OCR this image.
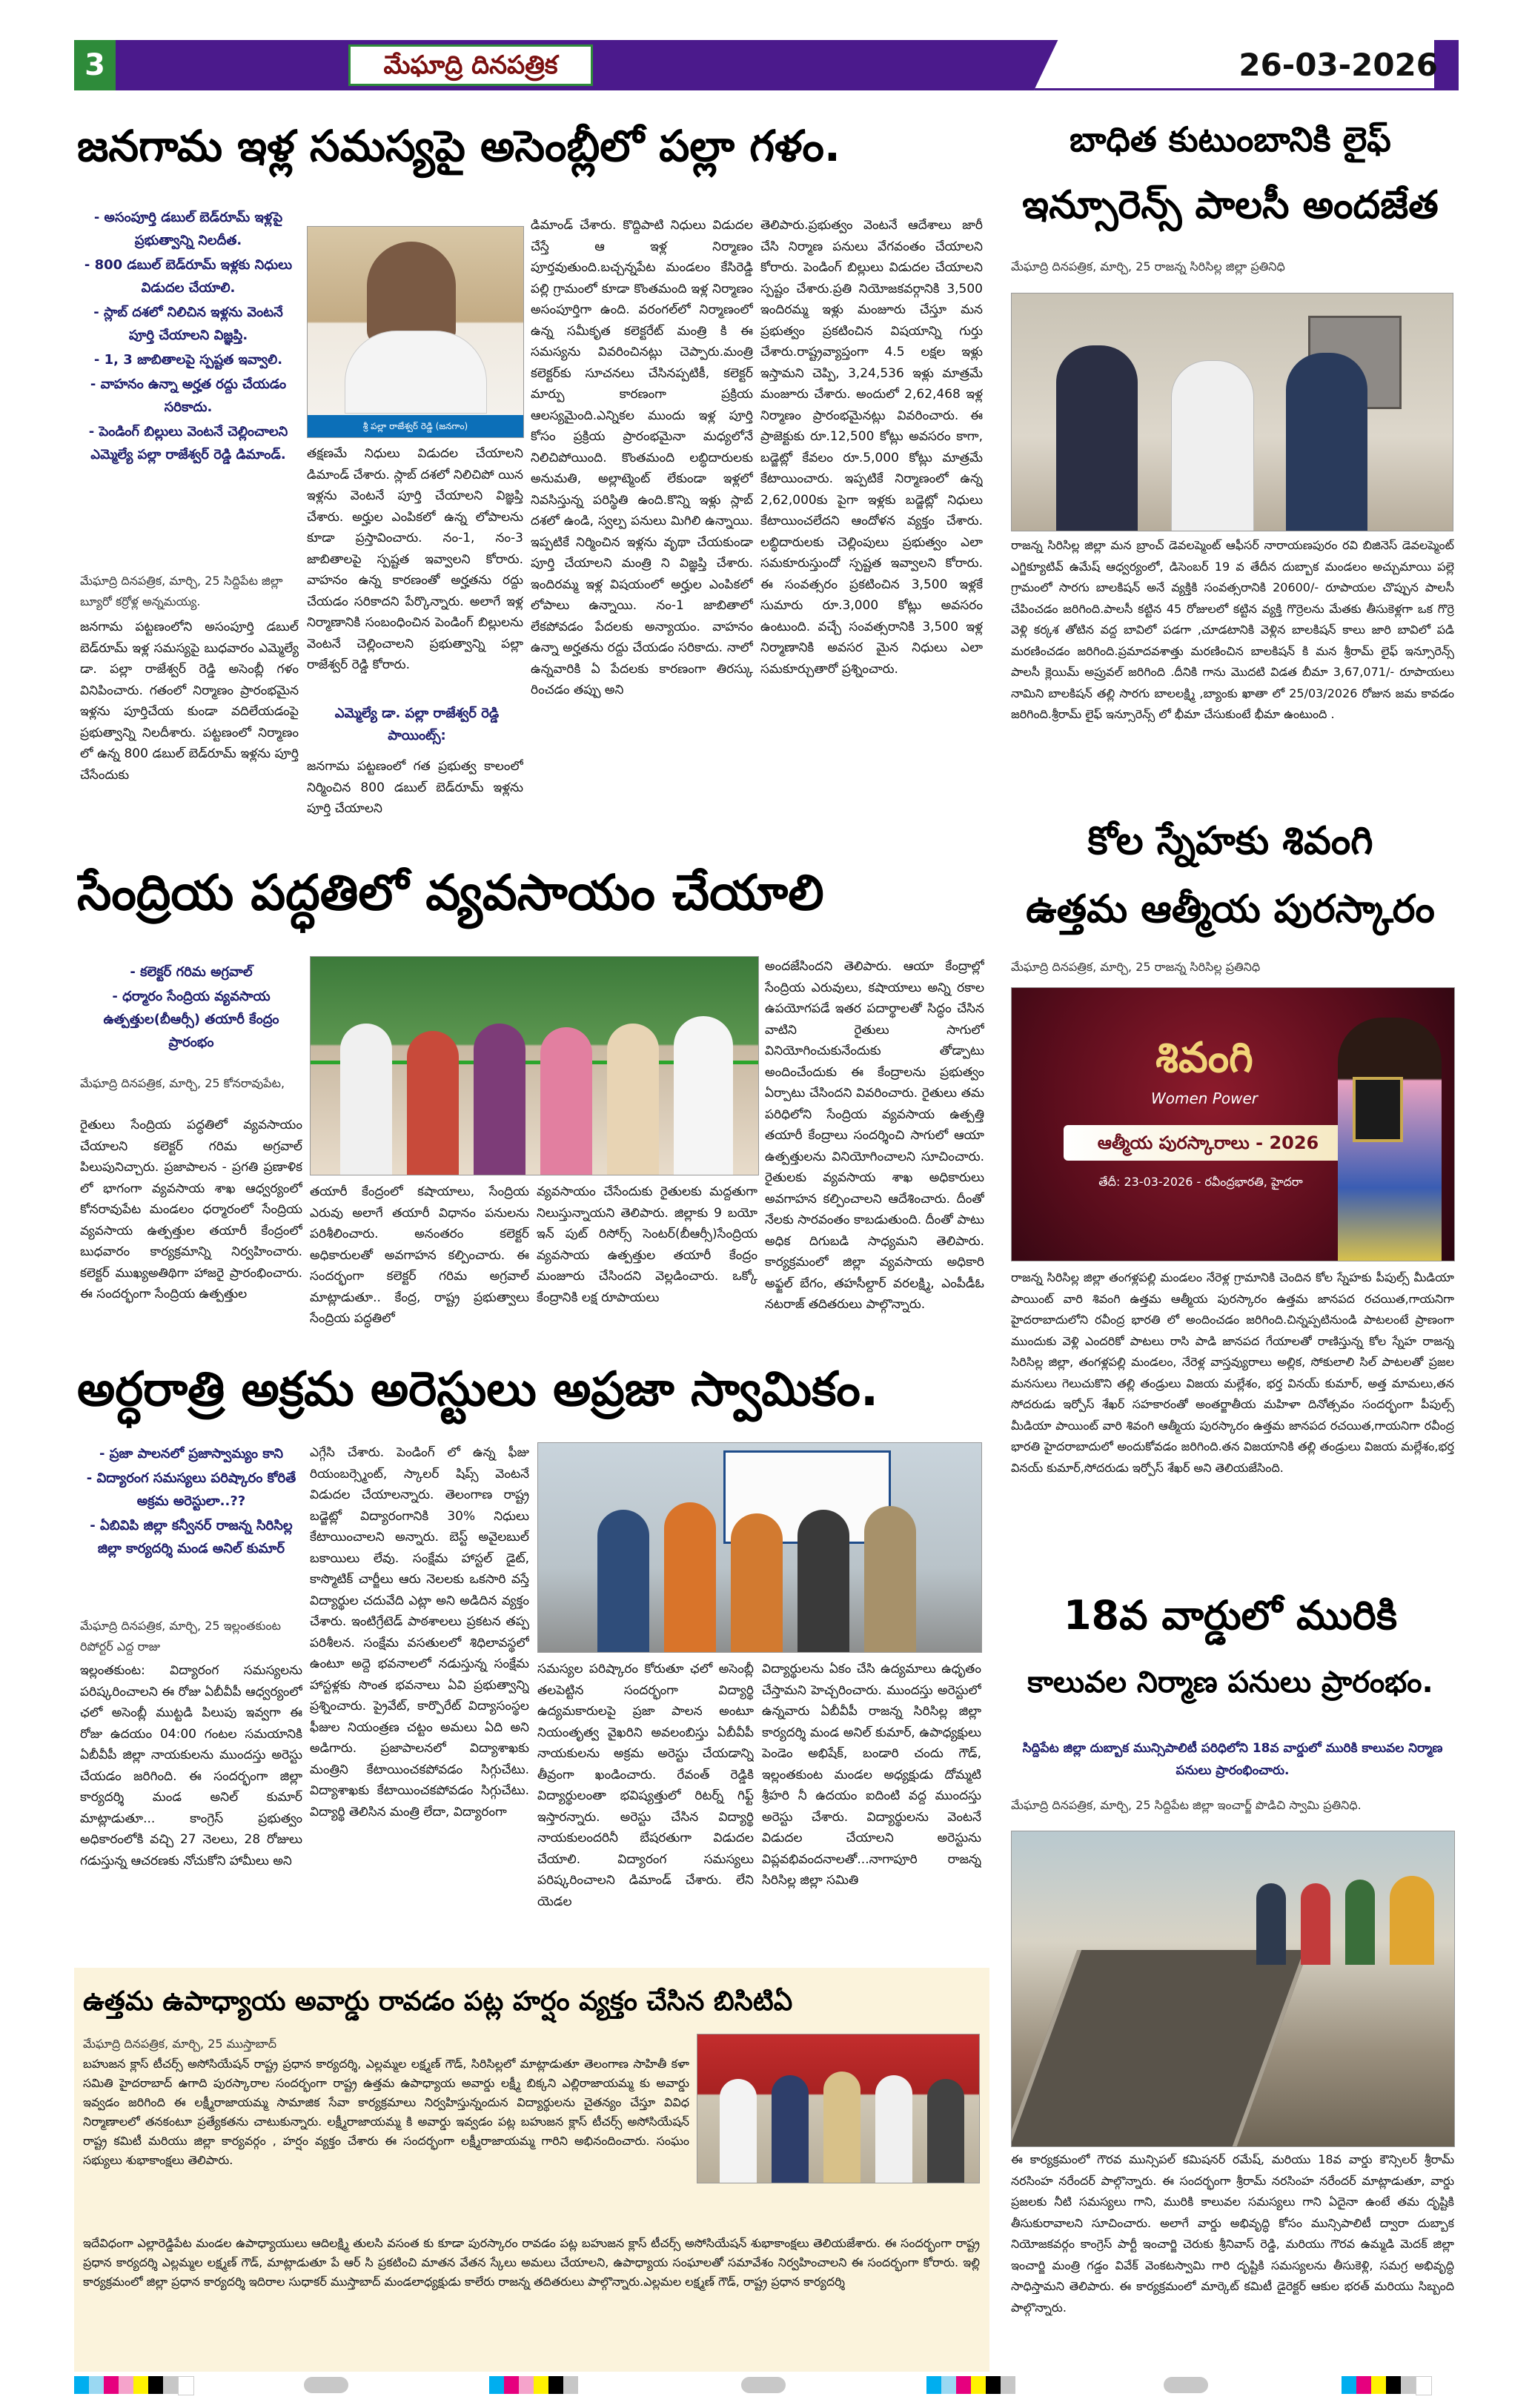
3	మేఘాద్రి దినపత్రిక	26-03-2026
జనగామ ఇళ్ల సమస్యపై అసెంబ్లీలో పల్లా గళం.
- అసంపూర్తి డబుల్ బెడ్‌రూమ్ ఇళ్లపై ప్రభుత్వాన్ని నిలదీత.
- 800 డబుల్ బెడ్‌రూమ్ ఇళ్లకు నిధులు విడుదల చేయాలి.
- స్లాబ్ దశలో నిలిచిన ఇళ్లను వెంటనే పూర్తి చేయాలని విజ్ఞప్తి.
- 1, 3 జాబితాలపై స్పష్టత ఇవ్వాలి.
- వాహనం ఉన్నా అర్హత రద్దు చేయడం సరికాదు.
- పెండింగ్ బిల్లులు వెంటనే చెల్లించాలని ఎమ్మెల్యే పల్లా రాజేశ్వర్ రెడ్డి డిమాండ్.
మేఘాద్రి దినపత్రిక, మార్చి, 25 సిద్దిపేట జిల్లా బ్యూరో కర్రోళ్ల అన్నమయ్య.
జనగామ పట్టణంలోని అసంపూర్తి డబుల్ బెడ్‌రూమ్ ఇళ్ల సమస్యపై బుధవారం ఎమ్మెల్యే డా. పల్లా రాజేశ్వర్ రెడ్డి అసెంబ్లీ గళం వినిపించారు. గతంలో నిర్మాణం ప్రారంభమైన ఇళ్లను పూర్తిచేయ కుండా వదిలేయడంపై ప్రభుత్వాన్ని నిలదీశారు. పట్టణంలో నిర్మాణం లో ఉన్న 800 డబుల్ బెడ్‌రూమ్ ఇళ్లను పూర్తి చేసేందుకు
శ్రీ పల్లా రాజేశ్వర్ రెడ్డి (జనగాం)
తక్షణమే నిధులు విడుదల చేయాలని డిమాండ్ చేశారు. స్లాబ్ దశలో నిలిచిపో యిన ఇళ్లను వెంటనే పూర్తి చేయాలని విజ్ఞప్తి చేశారు. అర్హుల ఎంపికలో ఉన్న లోపాలను కూడా ప్రస్తావించారు. నం-1, నం-3 జాబితాలపై స్పష్టత ఇవ్వాలని కోరారు. వాహనం ఉన్న కారణంతో అర్హతను రద్దు చేయడం సరికాదని పేర్కొన్నారు. అలాగే ఇళ్ల నిర్మాణానికి సంబంధించిన పెండింగ్ బిల్లులను వెంటనే చెల్లించాలని ప్రభుత్వాన్ని పల్లా రాజేశ్వర్ రెడ్డి కోరారు.
ఎమ్మెల్యే డా. పల్లా రాజేశ్వర్ రెడ్డి పాయింట్స్:
జనగామ పట్టణంలో గత ప్రభుత్వ కాలంలో నిర్మించిన 800 డబుల్ బెడ్‌రూమ్ ఇళ్లను పూర్తి చేయాలని
డిమాండ్ చేశారు. కొద్దిపాటి నిధులు విడుదల చేస్తే ఆ ఇళ్ల నిర్మాణం పూర్తవుతుంది.బచ్చన్నపేట మండలం కేసిరెడ్డి పల్లి గ్రామంలో కూడా కొంతమంది ఇళ్ల నిర్మాణం అసంపూర్తిగా ఉంది. వరంగల్‌లో నిర్మాణంలో ఉన్న సమీకృత కలెక్టరేట్ మంత్రి కి ఈ సమస్యను వివరించినట్లు చెప్పారు.మంత్రి కలెక్టర్‌కు సూచనలు చేసినప్పటికీ, కలెక్టర్ మార్పు కారణంగా ప్రక్రియ ఆలస్యమైంది.ఎన్నికల ముందు ఇళ్ల పూర్తి కోసం ప్రక్రియ ప్రారంభమైనా మధ్యలోనే నిలిచిపోయింది. కొంతమంది లబ్ధిదారులకు అనుమతి, అల్లాట్మెంట్ లేకుండా ఇళ్లలో నివసిస్తున్న పరిస్థితి ఉంది.కొన్ని ఇళ్లు స్లాబ్ దశలో ఉండి, స్వల్ప పనులు మిగిలి ఉన్నాయి. ఇప్పటికే నిర్మించిన ఇళ్లను వృథా చేయకుండా పూర్తి చేయాలని మంత్రి ని విజ్ఞప్తి చేశారు. ఇందిరమ్మ ఇళ్ల విషయంలో అర్హుల ఎంపికలో లోపాలు ఉన్నాయి. నం-1 జాబితాలో లేకపోవడం పేదలకు అన్యాయం. వాహనం ఉన్నా అర్హతను రద్దు చేయడం సరికాదు. నాలో ఉన్నవారికి ఏ పేదలకు కారణంగా తిరస్కు రించడం తప్పు అని
తెలిపారు.ప్రభుత్వం వెంటనే ఆదేశాలు జారీ చేసి నిర్మాణ పనులు వేగవంతం చేయాలని కోరారు. పెండింగ్ బిల్లులు విడుదల చేయాలని స్పష్టం చేశారు.ప్రతి నియోజకవర్గానికి 3,500 ఇందిరమ్మ ఇళ్లు మంజూరు చేస్తూ మన ప్రభుత్వం ప్రకటించిన విషయాన్ని గుర్తు చేశారు.రాష్ట్రవ్యాప్తంగా 4.5 లక్షల ఇళ్లు ఇస్తామని చెప్పి, 3,24,536 ఇళ్లు మాత్రమే మంజూరు చేశారు. అందులో 2,62,468 ఇళ్ల నిర్మాణం ప్రారంభమైనట్లు వివరించారు. ఈ ప్రాజెక్టుకు రూ.12,500 కోట్లు అవసరం కాగా, బడ్జెట్లో కేవలం రూ.5,000 కోట్లు మాత్రమే కేటాయించారు. ఇప్పటికే నిర్మాణంలో ఉన్న 2,62,000కు పైగా ఇళ్లకు బడ్జెట్లో నిధులు కేటాయించలేదని ఆందోళన వ్యక్తం చేశారు. లబ్ధిదారులకు చెల్లింపులు ప్రభుత్వం ఎలా సమకూరుస్తుందో స్పష్టత ఇవ్వాలని కోరారు. ఈ సంవత్సరం ప్రకటించిన 3,500 ఇళ్లకే సుమారు రూ.3,000 కోట్లు అవసరం ఉంటుంది. వచ్చే సంవత్సరానికి 3,500 ఇళ్ల నిర్మాణానికి అవసర మైన నిధులు ఎలా సమకూర్చుతారో ప్రశ్నించారు.
బాధిత కుటుంబానికి లైఫ్
ఇన్సూరెన్స్ పాలసీ అందజేత
మేఘాద్రి దినపత్రిక, మార్చి, 25 రాజన్న సిరిసిల్ల జిల్లా ప్రతినిధి
రాజన్న సిరిసిల్ల జిల్లా మన బ్రాంచ్ డెవలప్మెంట్ ఆఫీసర్ నారాయణపురం రవి బిజినెస్ డెవలప్మెంట్ ఎగ్జిక్యూటివ్ ఉమేష్ ఆధ్వర్యంలో, డిసెంబర్ 19 వ తేదీన దుబ్బాక మండలం అచ్చుమాయి పల్లె గ్రామంలో సారగు బాలకిషన్ అనే వ్యక్తికి సంవత్సరానికి 20600/- రూపాయల చొప్పున పాలసీ చేపించడం జరిగింది.పాలసీ కట్టిన 45 రోజులలో కట్టిన వ్యక్తి గొర్రెలను మేతకు తీసుకెళ్లగా ఒక గొర్రె వెళ్లి కర్కశ తోటిన వద్ద బావిలో పడగా ,చూడటానికి వెళ్లిన బాలకిషన్ కాలు జారి బావిలో పడి మరణించడం జరిగింది.ప్రమాదవశాత్తు మరణించిన బాలకిషన్ కి మన శ్రీరామ్ లైఫ్ ఇన్సూరెన్స్ పాలసీ క్లెయిమ్ అప్రువల్ జరిగింది .దీనికి గాను మొదటి విడత బీమా 3,67,071/- రూపాయలు నామిని బాలకిషన్ తల్లి సారగు బాలలక్ష్మి ,బ్యాంకు ఖాతా లో 25/03/2026 రోజున జమ కావడం జరిగింది.శ్రీరామ్ లైఫ్ ఇన్సూరెన్స్ లో భీమా చేసుకుంటే భీమా ఉంటుంది .
సేంద్రియ పద్ధతిలో వ్యవసాయం చేయాలి
- కలెక్టర్ గరిమ అగ్రవాల్
- ధర్మారం సేంద్రియ వ్యవసాయ ఉత్పత్తుల(బీఆర్సీ) తయారీ కేంద్రం ప్రారంభం
మేఘాద్రి దినపత్రిక, మార్చి, 25 కోనరావుపేట,
రైతులు సేంద్రియ పద్ధతిలో వ్యవసాయం చేయాలని కలెక్టర్ గరిమ అగ్రవాల్ పిలుపునిచ్చారు. ప్రజాపాలన - ప్రగతి ప్రణాళిక లో భాగంగా వ్యవసాయ శాఖ ఆధ్వర్యంలో కోనరావుపేట మండలం ధర్మారంలో సేంద్రియ వ్యవసాయ ఉత్పత్తుల తయారీ కేంద్రంలో బుధవారం కార్యక్రమాన్ని నిర్వహించారు. కలెక్టర్ ముఖ్యఅతిథిగా హాజరై ప్రారంభించారు. ఈ సందర్భంగా సేంద్రియ ఉత్పత్తుల
తయారీ కేంద్రంలో కషాయాలు, సేంద్రియ ఎరువు అలాగే తయారీ విధానం పనులను పరిశీలించారు. అనంతరం కలెక్టర్ అధికారులతో అవగాహన కల్పించారు. ఈ సందర్భంగా కలెక్టర్ గరిమ అగ్రవాల్ మాట్లాడుతూ.. కేంద్ర, రాష్ట్ర ప్రభుత్వాలు సేంద్రియ పద్ధతిలో
వ్యవసాయం చేసేందుకు రైతులకు మద్దతుగా నిలుస్తున్నాయని తెలిపారు. జిల్లాకు 9 బయో ఇన్ పుట్ రిసోర్స్ సెంటర్(బీఆర్సీ)సేంద్రియ వ్యవసాయ ఉత్పత్తుల తయారీ కేంద్రం మంజూరు చేసిందని వెల్లడించారు. ఒక్కో కేంద్రానికి లక్ష రూపాయలు
అందజేసిందని తెలిపారు. ఆయా కేంద్రాల్లో సేంద్రియ ఎరువులు, కషాయాలు అన్ని రకాల ఉపయోగపడే ఇతర పదార్థాలతో సిద్ధం చేసిన వాటిని రైతులు సాగులో వినియోగించుకునేందుకు తోడ్పాటు అందించేందుకు ఈ కేంద్రాలను ప్రభుత్వం ఏర్పాటు చేసిందని వివరించారు. రైతులు తమ పరిధిలోని సేంద్రియ వ్యవసాయ ఉత్పత్తి తయారీ కేంద్రాలు సందర్శించి సాగులో ఆయా ఉత్పత్తులను వినియోగించాలని సూచించారు. రైతులకు వ్యవసాయ శాఖ అధికారులు అవగాహన కల్పించాలని ఆదేశించారు. దీంతో నేలకు సారవంతం కాబడుతుంది. దీంతో పాటు అధిక దిగుబడి సాధ్యమని తెలిపారు. కార్యక్రమంలో జిల్లా వ్యవసాయ అధికారి అఫ్జల్ బేగం, తహసీల్దార్ వరలక్ష్మి, ఎంపీడీఓ నటరాజ్ తదితరులు పాల్గొన్నారు.
కోల స్నేహకు శివంగి
ఉత్తమ ఆత్మీయ పురస్కారం
మేఘాద్రి దినపత్రిక, మార్చి, 25 రాజన్న సిరిసిల్ల ప్రతినిధి
శివంగి
Women Power
ఆత్మీయ పురస్కారాలు - 2026
తేదీ: 23-03-2026 - రవీంద్రభారతి, హైదరా
రాజన్న సిరిసిల్ల జిల్లా తంగళ్లపల్లి మండలం నేరెళ్ల గ్రామానికి చెందిన కోల స్నేహకు పీపుల్స్ మీడియా పాయింట్ వారి శివంగి ఉత్తమ ఆత్మీయ పురస్కారం ఉత్తమ జానపద రచయిత,గాయనిగా హైదరాబాదులోని రవీంద్ర భారతి లో అందించడం జరిగింది.చిన్నప్పటినుండి పాటలంటే ప్రాణంగా ముందుకు వెళ్లి ఎందరికో పాటలు రాసి పాడి జానపద గేయాలతో రాణిస్తున్న కోల స్నేహ రాజన్న సిరిసిల్ల జిల్లా, తంగళ్లపల్లి మండలం, నేరెళ్ల వాస్తవ్యురాలు అల్లిక, సోకులాలి సిల్ పాటలతో ప్రజల మనసులు గెలుచుకొని తల్లి తండ్రులు విజయ మల్లేశం, భర్త వినయ్ కుమార్, అత్త మామలు,తన సోదరుడు ఇర్పోస్ శేఖర్ సహకారంతో అంతర్జాతీయ మహిళా దినోత్సవం సందర్భంగా పీపుల్స్ మీడియా పాయింట్ వారి శివంగి ఆత్మీయ పురస్కారం ఉత్తమ జానపద రచయిత,గాయనిగా రవీంద్ర భారతి హైదరాబాదులో అందుకోవడం జరిగింది.తన విజయానికి తల్లి తండ్రులు విజయ మల్లేశం,భర్త వినయ్ కుమార్,సోదరుడు ఇర్పోస్ శేఖర్ అని తెలియజేసింది.
అర్ధరాత్రి అక్రమ అరెస్టులు అప్రజా స్వామికం.
- ప్రజా పాలనలో ప్రజాస్వామ్యం కాని
- విద్యారంగ సమస్యలు పరిష్కారం కోరితే అక్రమ అరెస్టులా..??
- ఏబివిపి జిల్లా కన్వీనర్ రాజన్న సిరిసిల్ల జిల్లా కార్యదర్శి మండ అనిల్ కుమార్
మేఘాద్రి దినపత్రిక, మార్చి, 25 ఇల్లంతకుంట రిపోర్టర్ ఎద్ద రాజు
ఇల్లంతకుంట: విద్యారంగ సమస్యలను పరిష్కరించాలని ఈ రోజు ఏబీవీపీ ఆధ్వర్యంలో ఛలో అసెంబ్లీ ముట్టడి పిలుపు ఇవ్వగా ఈ రోజు ఉదయం 04:00 గంటల సమయానికి ఏబీవీపీ జిల్లా నాయకులను ముందస్తు అరెస్టు చేయడం జరిగింది. ఈ సందర్భంగా జిల్లా కార్యదర్శి మండ అనిల్ కుమార్ మాట్లాడుతూ... కాంగ్రెస్ ప్రభుత్వం అధికారంలోకి వచ్చి 27 నెలలు, 28 రోజులు గడుస్తున్న ఆచరణకు నోచుకోని హామీలు అని
ఎగ్గేసి చేశారు. పెండింగ్ లో ఉన్న ఫీజు రియంబర్స్మెంట్, స్కాలర్ షిప్స్ వెంటనే విడుదల చేయాలన్నారు. తెలంగాణ రాష్ట్ర బడ్జెట్లో విద్యారంగానికి 30% నిధులు కేటాయించాలని అన్నారు. బెస్ట్ అవైలబుల్ బకాయిలు లేవు. సంక్షేమ హాస్టల్ డైట్, కాస్మొటిక్ చార్జీలు ఆరు నెలలకు ఒకసారి వస్తే విద్యార్థుల చదువేది ఎట్లా అని అడిదిన వ్యక్తం చేశారు. ఇంటిగ్రేటెడ్ పాఠశాలలు ప్రకటన తప్ప పరిశీలన. సంక్షేమ వసతులలో శిధిలావస్థలో ఉంటూ అద్దె భవనాలలో నడుస్తున్న సంక్షేమ హాస్టళ్లకు సొంత భవనాలు ఏవి ప్రభుత్వాన్ని ప్రశ్నించారు. ప్రైవేట్, కార్పొరేట్ విద్యాసంస్థల ఫీజుల నియంత్రణ చట్టం అమలు ఏది అని అడిగారు. ప్రజాపాలనలో విద్యాశాఖకు మంత్రిని కేటాయించకపోవడం సిగ్గుచేటు. విద్యాశాఖకు కేటాయించకపోవడం సిగ్గుచేటు. విద్యార్థి తెలిసిన మంత్రి లేదా, విద్యారంగా
సమస్యల పరిష్కారం కోరుతూ ఛలో అసెంబ్లీ తలపెట్టిన సందర్భంగా విద్యార్థి ఉద్యమకారులపై ప్రజా పాలన అంటూ నియంతృత్వ వైఖరిని అవలంబిస్తు ఏబీవీపీ నాయకులను అక్రమ అరెస్టు చేయడాన్ని తీవ్రంగా ఖండించారు. రేవంత్ రెడ్డికి విద్యార్థులంతా భవిష్యత్తులో రిటర్న్ గిఫ్ట్ ఇస్తారన్నారు. అరెస్టు చేసిన విద్యార్థి నాయకులందరినీ బేషరతుగా విడుదల చేయాలి. విద్యారంగ సమస్యలు పరిష్కరించాలని డిమాండ్ చేశారు. లేని యెడల
విద్యార్థులను ఏకం చేసి ఉద్యమాలు ఉధృతం చేస్తామని హెచ్చరించారు. ముందస్తు అరెస్టులో ఉన్నవారు ఏబీవీపీ రాజన్న సిరిసిల్ల జిల్లా కార్యదర్శి మండ అనిల్ కుమార్, ఉపాధ్యక్షులు పెండెం అభిషేక్, బండారి చందు గౌడ్, ఇల్లంతకుంట మండల అధ్యక్షుడు దోమ్మటి శ్రీహరి నీ ఉదయం ఐదింటి వద్ద ముందస్తు అరెస్టు చేశారు. విద్యార్థులను వెంటనే విడుదల చేయాలని అరెస్టును విప్లవభివందనాలతో...నాగాపూరి రాజన్న సిరిసిల్ల జిల్లా సమితి
18వ వార్డులో మురికి
కాలువల నిర్మాణ పనులు ప్రారంభం.
సిద్దిపేట జిల్లా దుబ్బాక మున్సిపాలిటీ పరిధిలోని 18వ వార్డులో మురికి కాలువల నిర్మాణ పనులు ప్రారంభించారు.
మేఘాద్రి దినపత్రిక, మార్చి, 25 సిద్దిపేట జిల్లా ఇంచార్జ్ పొడిచి స్వామి ప్రతినిధి.
ఈ కార్యక్రమంలో గౌరవ మున్సిపల్ కమిషనర్ రమేష్, మరియు 18వ వార్డు కౌన్సిలర్ శ్రీరామ్ నరసింహ నరేందర్ పాల్గొన్నారు. ఈ సందర్భంగా శ్రీరామ్ నరసింహ నరేందర్ మాట్లాడుతూ, వార్డు ప్రజలకు నీటి సమస్యలు గాని, మురికి కాలువల సమస్యలు గాని ఏదైనా ఉంటే తమ దృష్టికి తీసుకురావాలని సూచించారు. అలాగే వార్డు అభివృద్ధి కోసం మున్సిపాలిటీ ద్వారా దుబ్బాక నియోజకవర్గం కాంగ్రెస్ పార్టీ ఇంచార్జి చెరుకు శ్రీనివాస్ రెడ్డి, మరియు గౌరవ ఉమ్మడి మెదక్ జిల్లా ఇంచార్జి మంత్రి గడ్డం వివేక్ వెంకటస్వామి గారి దృష్టికి సమస్యలను తీసుకెళ్లి, సమగ్ర అభివృద్ధి సాధిస్తామని తెలిపారు. ఈ కార్యక్రమంలో మార్కెట్ కమిటీ డైరెక్టర్ ఆకుల భరత్ మరియు సిబ్బంది పాల్గొన్నారు.
ఉత్తమ ఉపాధ్యాయ అవార్డు రావడం పట్ల హర్షం వ్యక్తం చేసిన బిసిటిఏ
మేఘాద్రి దినపత్రిక, మార్చి, 25 ముస్తాబాద్
బహుజన క్లాస్ టీచర్స్ అసోసియేషన్ రాష్ట్ర ప్రధాన కార్యదర్శి, ఎల్లమ్మల లక్ష్మణ్ గౌడ్, సిరిసిల్లలో మాట్లాడుతూ తెలంగాణ సాహితీ కళా సమితి హైదరాబాద్ ఉగాది పురస్కారాల సందర్భంగా రాష్ట్ర ఉత్తమ ఉపాధ్యాయ అవార్డు లక్ష్మీ బిక్కని ఎల్లిరాజాయమ్మ కు అవార్డు ఇవ్వడం జరిగింది ఈ లక్ష్మీరాజాయమ్మ సామాజిక సేవా కార్యక్రమాలు నిర్వహిస్తున్నందున విద్యార్థులను చైతన్యం చేస్తూ వివిధ నిర్మాణాలలో తనకంటూ ప్రత్యేకతను చాటుకున్నారు. లక్ష్మీరాజాయమ్మ కి అవార్డు ఇవ్వడం పట్ల బహుజన క్లాస్ టీచర్స్ అసోసియేషన్ రాష్ట్ర కమిటీ మరియు జిల్లా కార్యవర్గం , హర్షం వ్యక్తం చేశారు ఈ సందర్భంగా లక్ష్మీరాజాయమ్మ గారిని అభినందించారు. సంఘం సభ్యులు శుభాకాంక్షలు తెలిపారు.
ఇదేవిధంగా ఎల్లారెడ్డిపేట మండల ఉపాధ్యాయులు ఆదిలక్ష్మి తులసి వసంత కు కూడా పురస్కారం రావడం పట్ల బహుజన క్లాస్ టీచర్స్ అసోసియేషన్ శుభాకాంక్షలు తెలియజేశారు. ఈ సందర్భంగా రాష్ట్ర ప్రధాన కార్యదర్శి ఎల్లమ్మల లక్ష్మణ్ గౌడ్, మాట్లాడుతూ పే ఆర్ సి ప్రకటించి మాతన వేతన స్కేలు అమలు చేయాలని, ఉపాధ్యాయ సంఘాలతో సమావేశం నిర్వహించాలని ఈ సందర్భంగా కోరారు. ఇల్లి కార్యక్రమంలో జిల్లా ప్రధాన కార్యదర్శి ఇదిరాల సుధాకర్ ముస్తాబాద్ మండలాధ్యక్షుడు కాలేరు రాజన్న తదితరులు పాల్గొన్నారు.ఎల్లమల లక్ష్మణ్ గౌడ్, రాష్ట్ర ప్రధాన కార్యదర్శి
